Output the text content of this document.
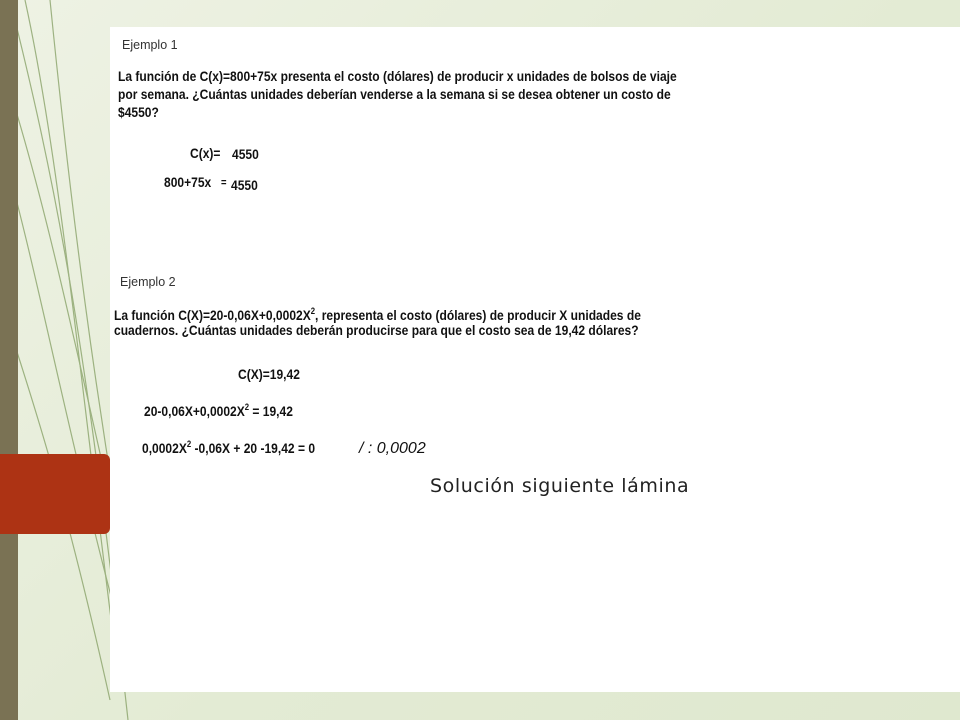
Ejemplo 1
La función de C(x)=800+75x presenta el costo (dólares) de producir x unidades de bolsos de viaje
por semana. ¿Cuántas unidades deberían venderse a la semana si se desea obtener un costo de
$4550?
C(x)= 4550
800+75x = 4550
Ejemplo 2
La función $C(X)=20-0,06X+0,0002X^2$, representa el costo (dólares) de producir X unidades de
cuadernos. ¿Cuántas unidades deberán producirse para que el costo sea de 19,42 dólares?
C(X)=19,42
$20-0,06X+0,0002X^2 = 19,42$
$0,0002X^2$ -0,06X + 20 -19,42 = 0	/ : 0,0002
Solución siguiente lámina
